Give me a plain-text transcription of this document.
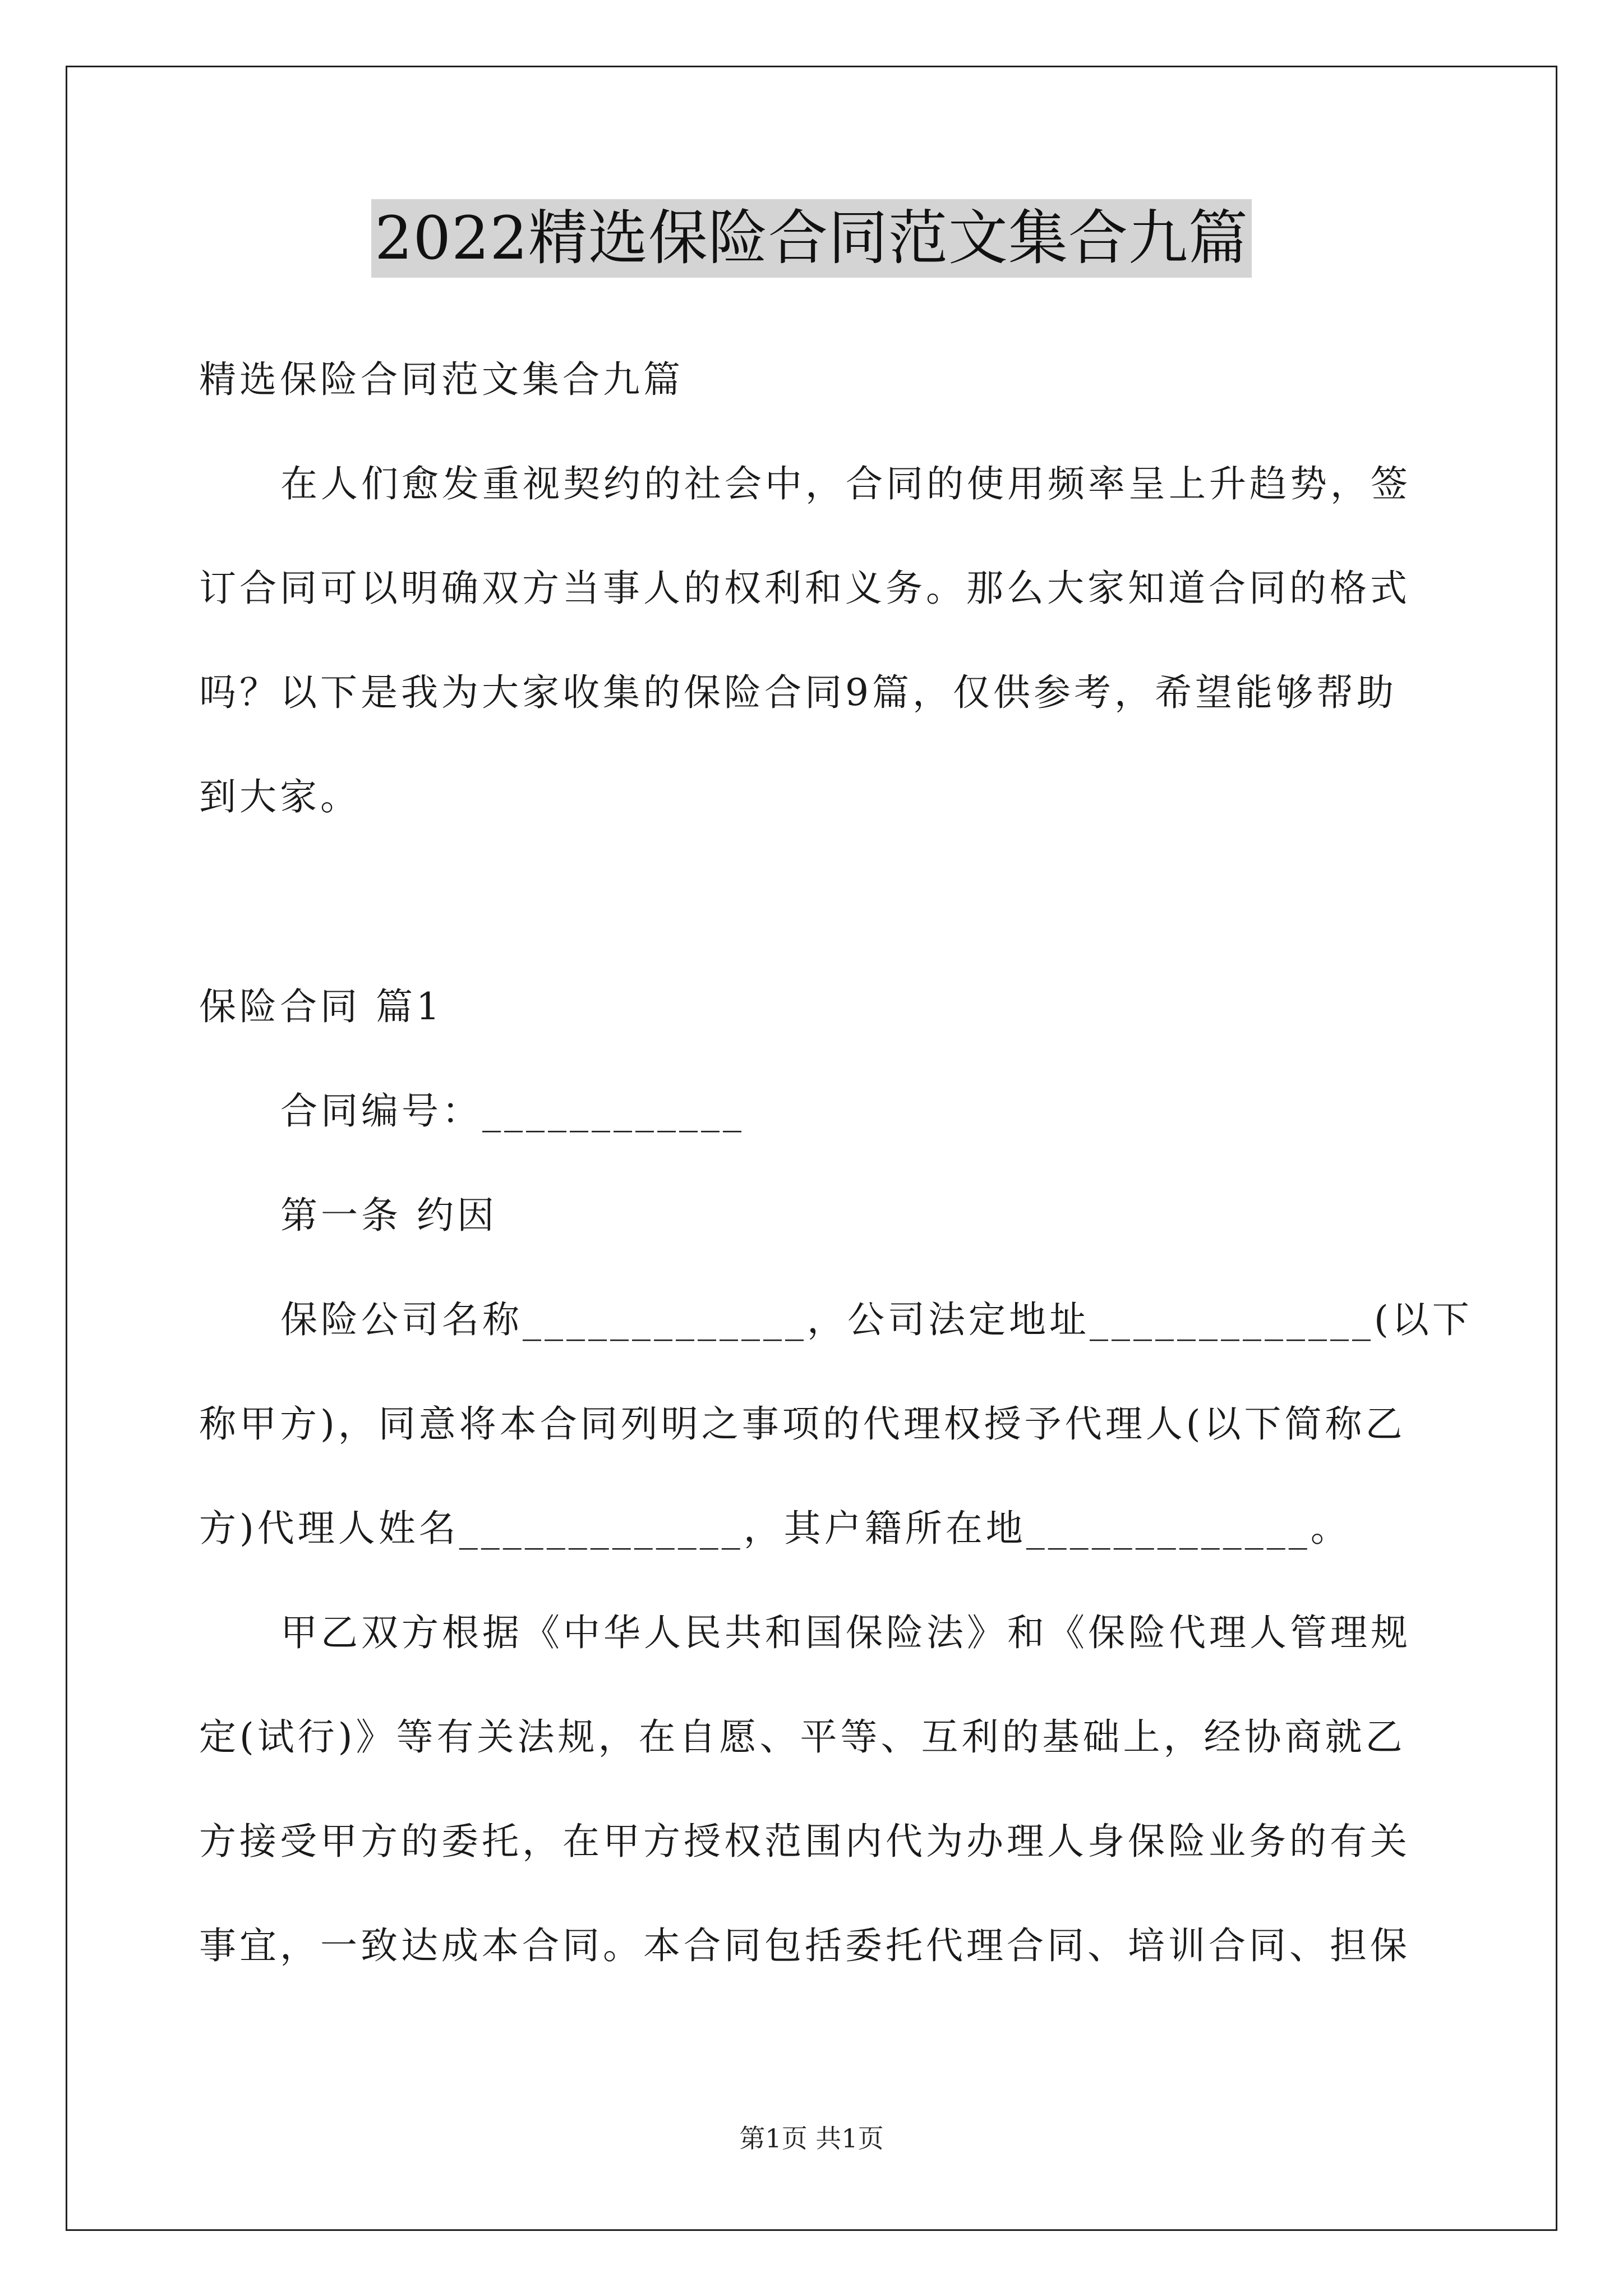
2022精选保险合同范文集合九篇
精选保险合同范文集合九篇
在人们愈发重视契约的社会中，合同的使用频率呈上升趋势，签
订合同可以明确双方当事人的权利和义务。那么大家知道合同的格式
吗？以下是我为大家收集的保险合同9篇，仅供参考，希望能够帮助
到大家。
保险合同 篇1
合同编号：____________
第一条 约因
保险公司名称_____________，公司法定地址_____________(以下
称甲方)，同意将本合同列明之事项的代理权授予代理人(以下简称乙
方)代理人姓名_____________，其户籍所在地_____________。
甲乙双方根据《中华人民共和国保险法》和《保险代理人管理规
定(试行)》等有关法规，在自愿、平等、互利的基础上，经协商就乙
方接受甲方的委托，在甲方授权范围内代为办理人身保险业务的有关
事宜，一致达成本合同。本合同包括委托代理合同、培训合同、担保
第1页 共1页
